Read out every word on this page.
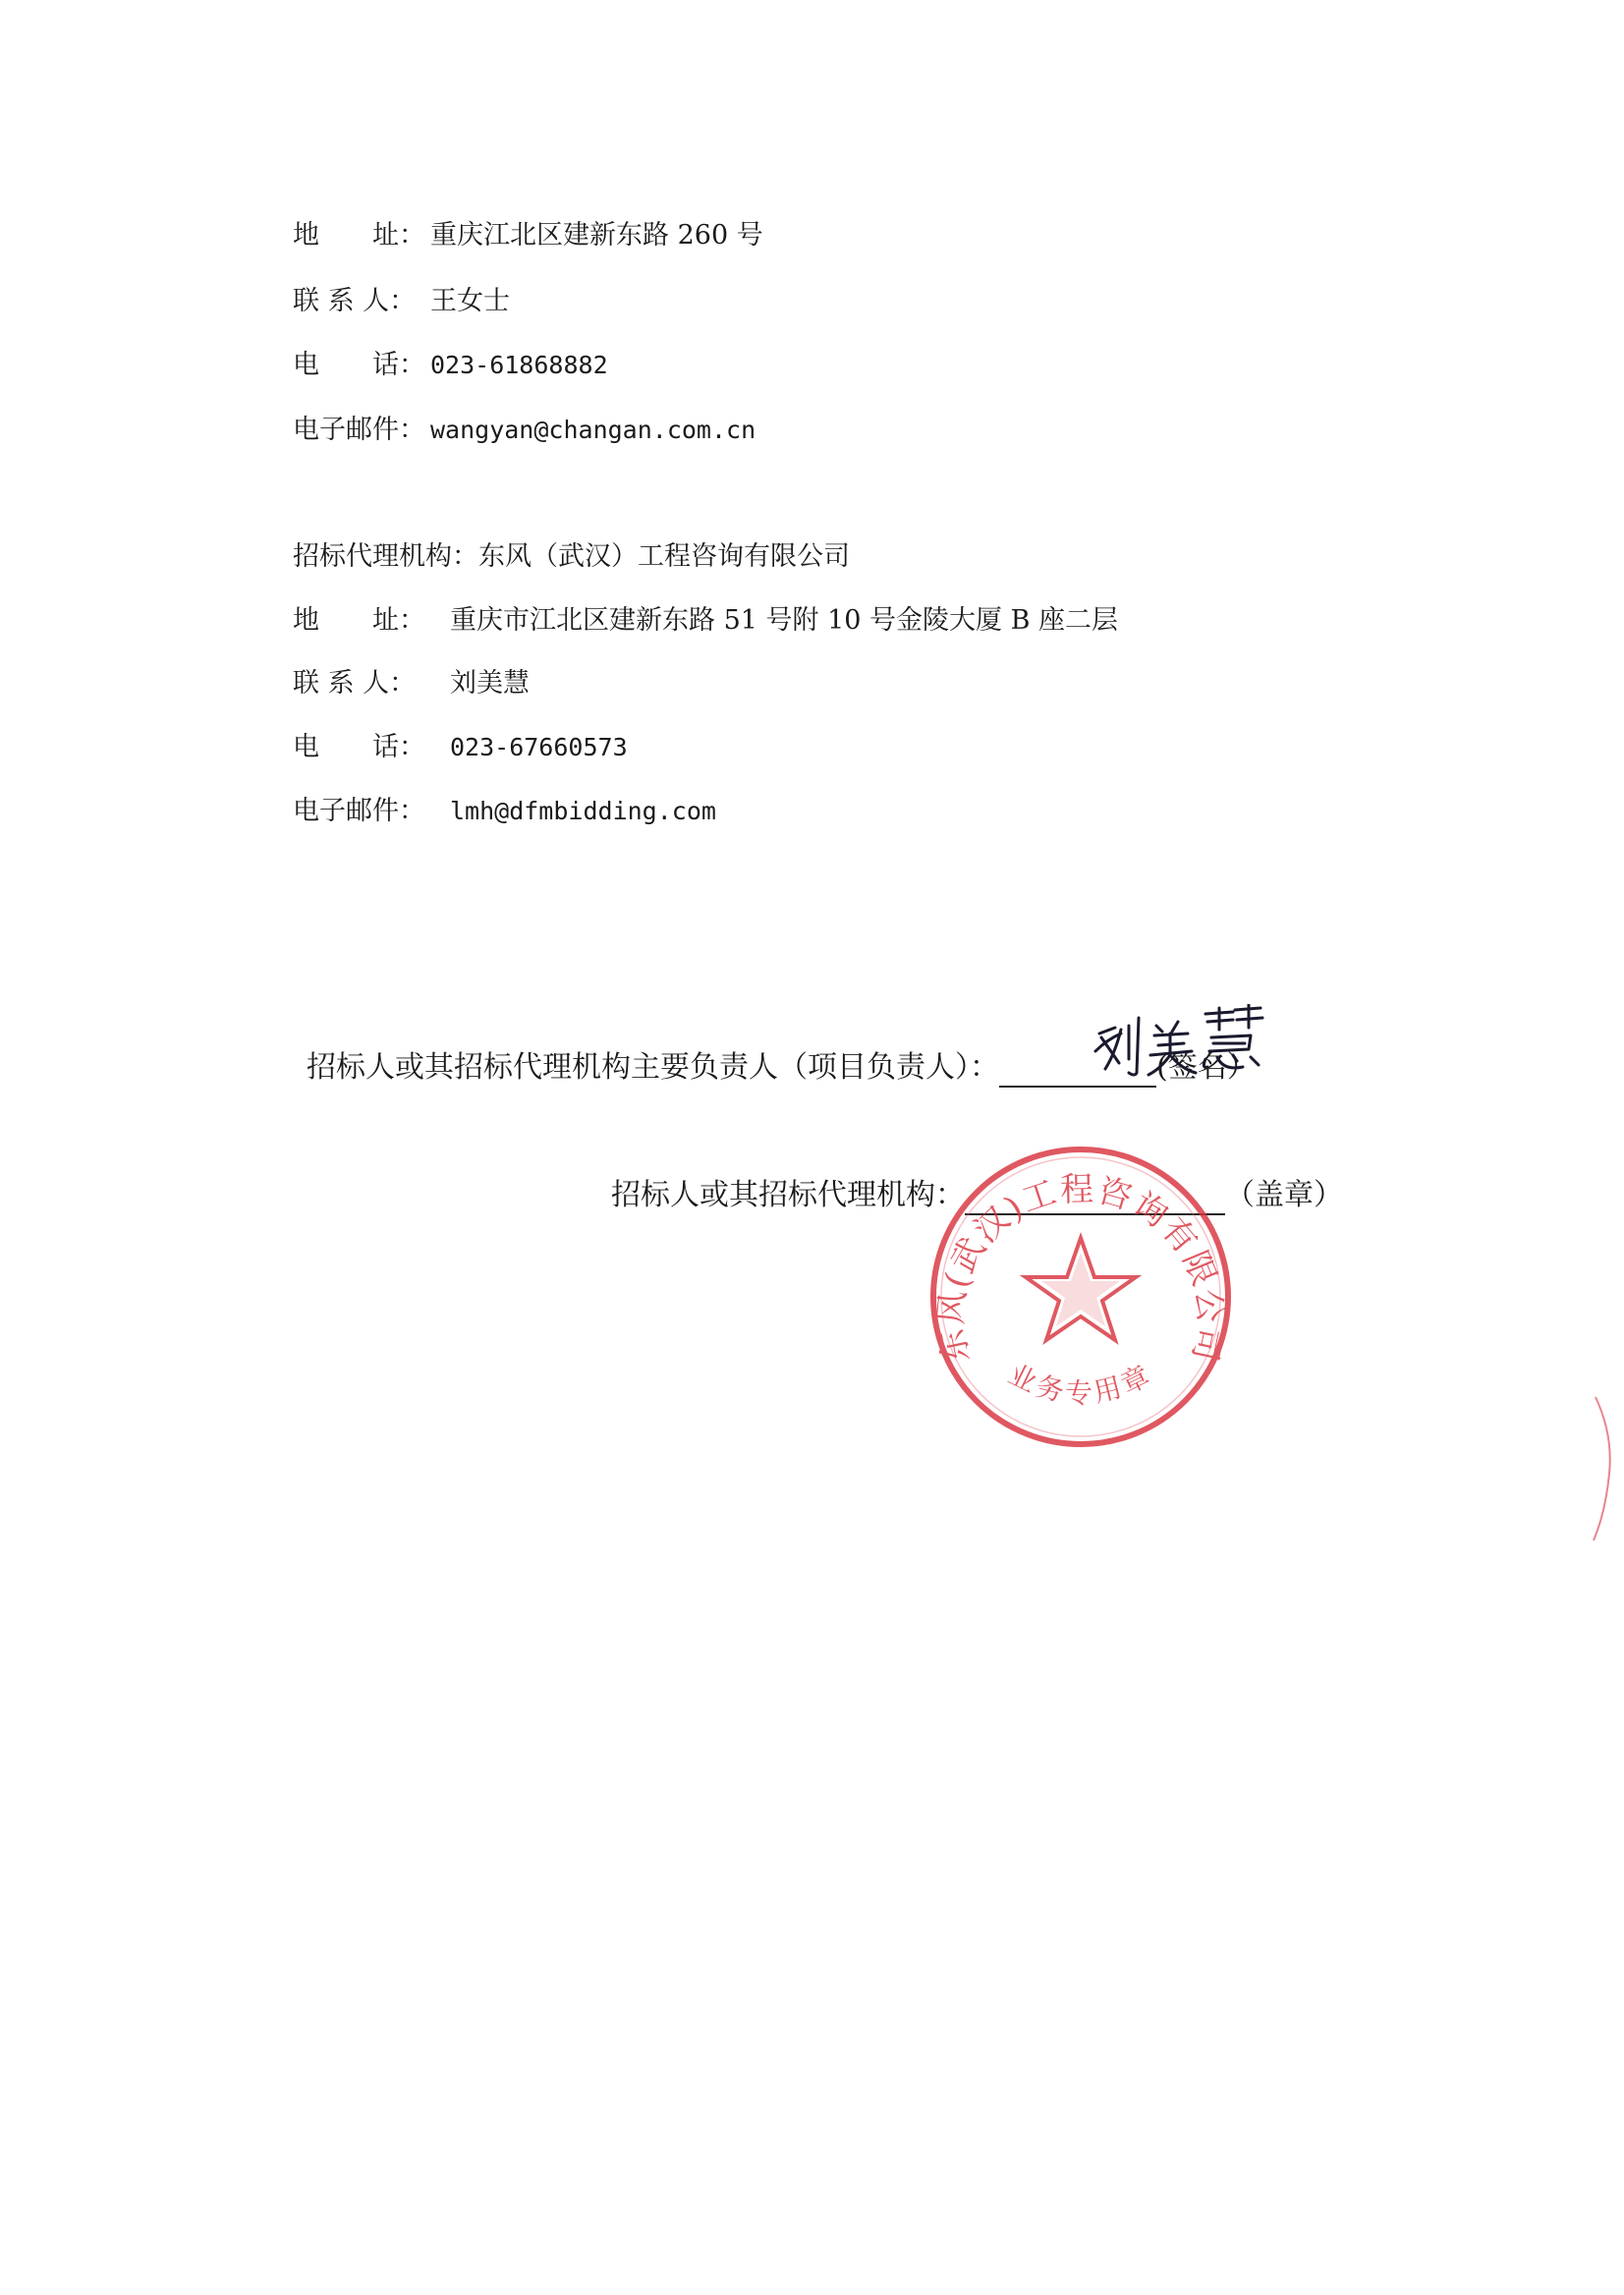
地　　址： 重庆江北区建新东路 260 号
联 系 人： 王女士
电　　话： 023-61868882
电子邮件： wangyan@changan.com.cn
招标代理机构：东风（武汉）工程咨询有限公司
地　　址： 重庆市江北区建新东路 51 号附 10 号金陵大厦 B 座二层
联 系 人： 刘美慧
电　　话： 023-67660573
电子邮件： lmh@dfmbidding.com
招标人或其招标代理机构主要负责人（项目负责人）：	(签名）
招标人或其招标代理机构：	（盖章）
东风(武汉)工程咨询有限公司
业务专用章
